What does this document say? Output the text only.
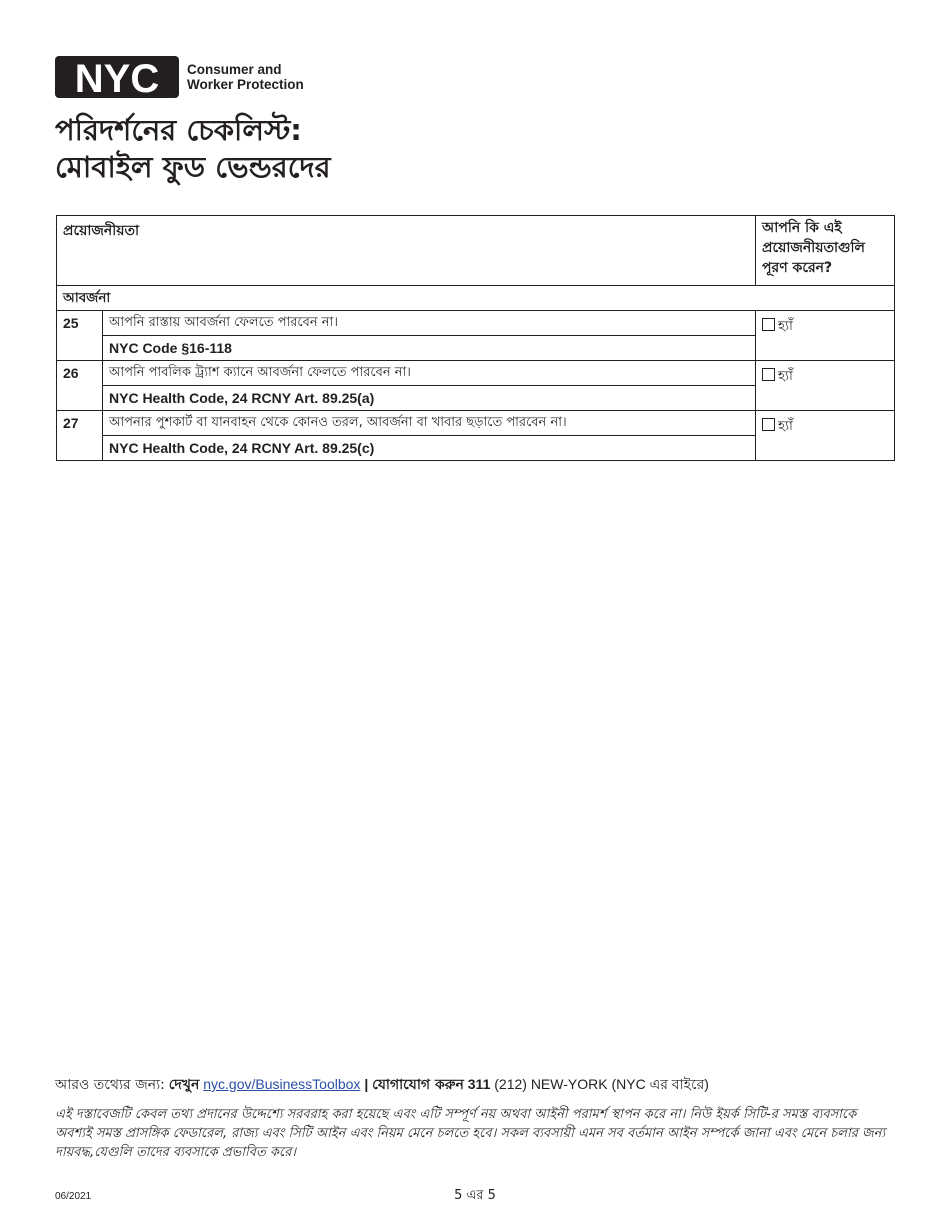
NYC Consumer and
Worker Protection
পরিদর্শনের চেকলিস্ট:
মোবাইল ফুড ভেন্ডরদের
প্রয়োজনীয়তা		আপনি কি এই প্রয়োজনীয়তাগুলি পূরণ করেন?
আবর্জনা		
25	আপনি রাস্তায় আবর্জনা ফেলতে পারবেন না।	হ্যাঁ
	NYC Code §16-118	
26	আপনি পাবলিক ট্র্যাশ ক্যানে আবর্জনা ফেলতে পারবেন না।	হ্যাঁ
	NYC Health Code, 24 RCNY Art. 89.25(a)	
27	আপনার পুশকার্ট বা যানবাহন থেকে কোনও তরল, আবর্জনা বা খাবার ছড়াতে পারবেন না।	হ্যাঁ
	NYC Health Code, 24 RCNY Art. 89.25(c)	
আরও তথ্যের জন্য: দেখুন nyc.gov/BusinessToolbox | যোগাযোগ করুন 311 (212) NEW-YORK (NYC এর বাইরে)
এই দস্তাবেজটি কেবল তথ্য প্রদানের উদ্দেশ্যে সরবরাহ করা হয়েছে এবং এটি সম্পূর্ণ নয় অথবা আইনী পরামর্শ স্থাপন করে না। নিউ ইয়র্ক সিটি-র সমস্ত ব্যবসাকে অবশ্যই সমস্ত প্রাসঙ্গিক ফেডারেল, রাজ্য এবং সিটি আইন এবং নিয়ম মেনে চলতে হবে। সকল ব্যবসায়ী এমন সব বর্তমান আইন সম্পর্কে জানা এবং মেনে চলার জন্য দায়বদ্ধ,যেগুলি তাদের ব্যবসাকে প্রভাবিত করে।
06/2021	5 এর 5
